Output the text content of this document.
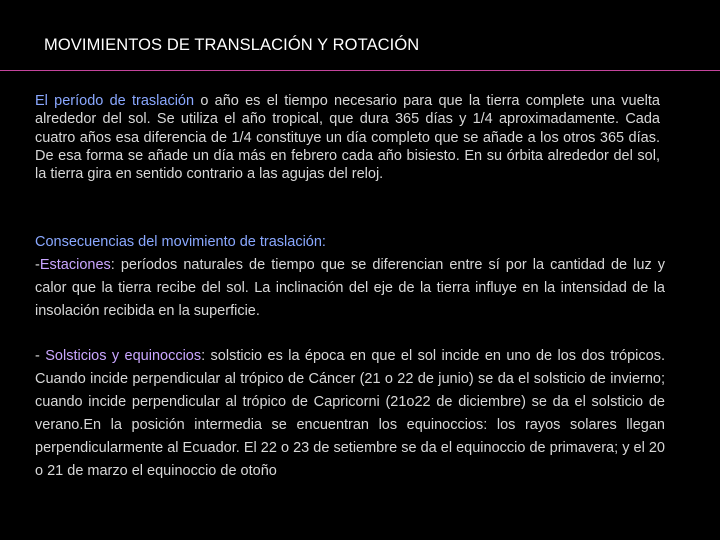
MOVIMIENTOS DE TRANSLACIÓN Y ROTACIÓN

El período de traslación o año es el tiempo necesario para que la tierra complete una vuelta alrededor del sol. Se utiliza el año tropical, que dura 365 días y 1/4 aproximadamente. Cada cuatro años esa diferencia de 1/4 constituye un día completo que se añade a los otros 365 días. De esa forma se añade un día más en febrero cada año bisiesto. En su órbita alrededor del sol, la tierra gira en sentido contrario a las agujas del reloj.

Consecuencias del movimiento de traslación:
-Estaciones: períodos naturales de tiempo que se diferencian entre sí por la cantidad de luz y calor que la tierra recibe del sol. La inclinación del eje de la tierra influye en la intensidad de la insolación recibida en la superficie.

- Solsticios y equinoccios: solsticio es la época en que el sol incide en uno de los dos trópicos. Cuando incide perpendicular al trópico de Cáncer (21 o 22 de junio) se da el solsticio de invierno; cuando incide perpendicular al trópico de Capricorni (21o22 de diciembre) se da el solsticio de verano.En la posición intermedia se encuentran los equinoccios: los rayos solares llegan perpendicularmente al Ecuador. El 22 o 23 de setiembre se da el equinoccio de primavera; y el 20 o 21 de marzo el equinoccio de otoño
